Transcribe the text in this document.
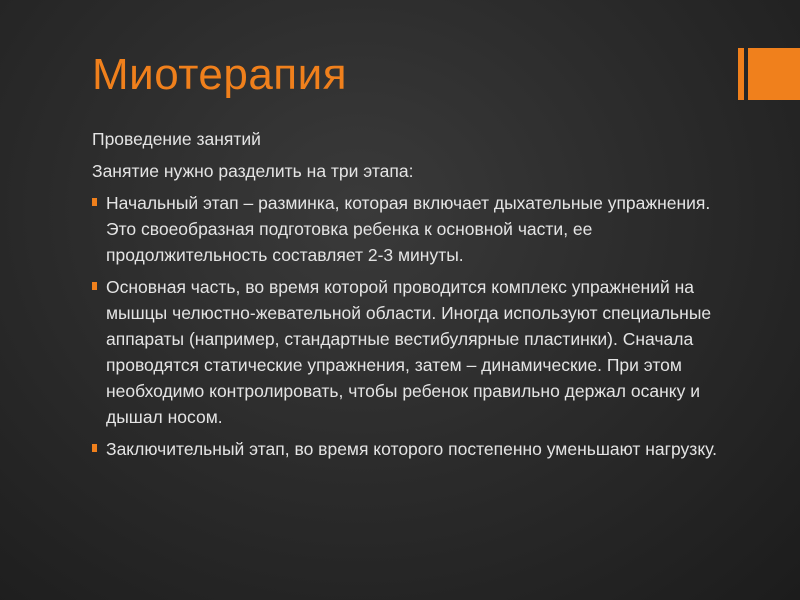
Миотерапия

Проведение занятий

Занятие нужно разделить на три этапа:

Начальный этап – разминка, которая включает дыхательные упражнения. Это своеобразная подготовка ребенка к основной части, ее продолжительность составляет 2-3 минуты.
Основная часть, во время которой проводится комплекс упражнений на мышцы челюстно-жевательной области. Иногда используют специальные аппараты (например, стандартные вестибулярные пластинки). Сначала проводятся статические упражнения, затем – динамические. При этом необходимо контролировать, чтобы ребенок правильно держал осанку и дышал носом.
Заключительный этап, во время которого постепенно уменьшают нагрузку.
